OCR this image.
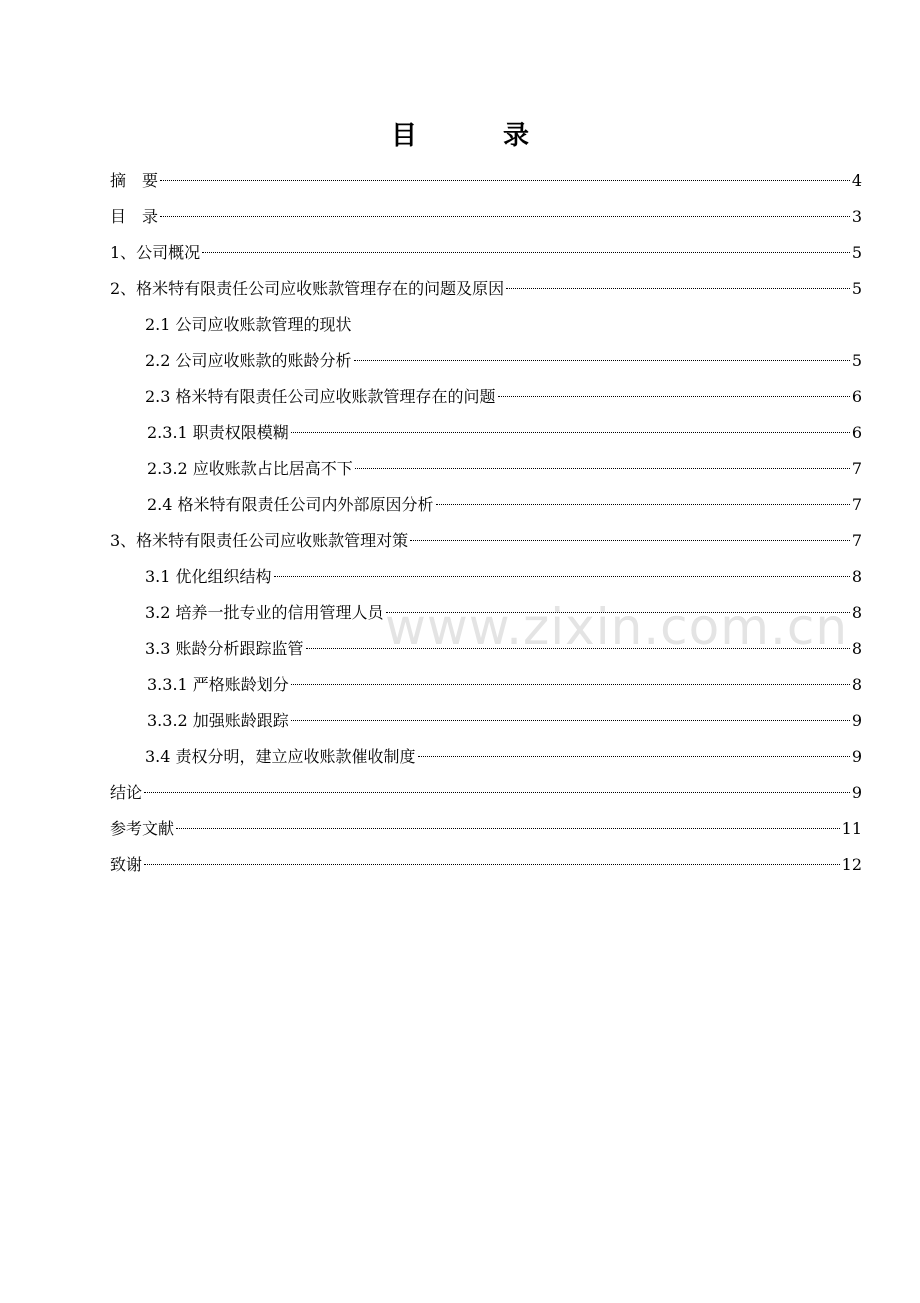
目　录
www.zixin.com.cn
摘　要	4
目　录	3
1、公司概况	5
2、格米特有限责任公司应收账款管理存在的问题及原因	5
2.1 公司应收账款管理的现状
2.2 公司应收账款的账龄分析	5
2.3 格米特有限责任公司应收账款管理存在的问题	6
2.3.1 职责权限模糊	6
2.3.2 应收账款占比居高不下	7
2.4 格米特有限责任公司内外部原因分析	7
3、格米特有限责任公司应收账款管理对策	7
3.1 优化组织结构	8
3.2 培养一批专业的信用管理人员	8
3.3 账龄分析跟踪监管	8
3.3.1 严格账龄划分	8
3.3.2 加强账龄跟踪	9
3.4 责权分明，建立应收账款催收制度	9
结论	9
参考文献	11
致谢	12
